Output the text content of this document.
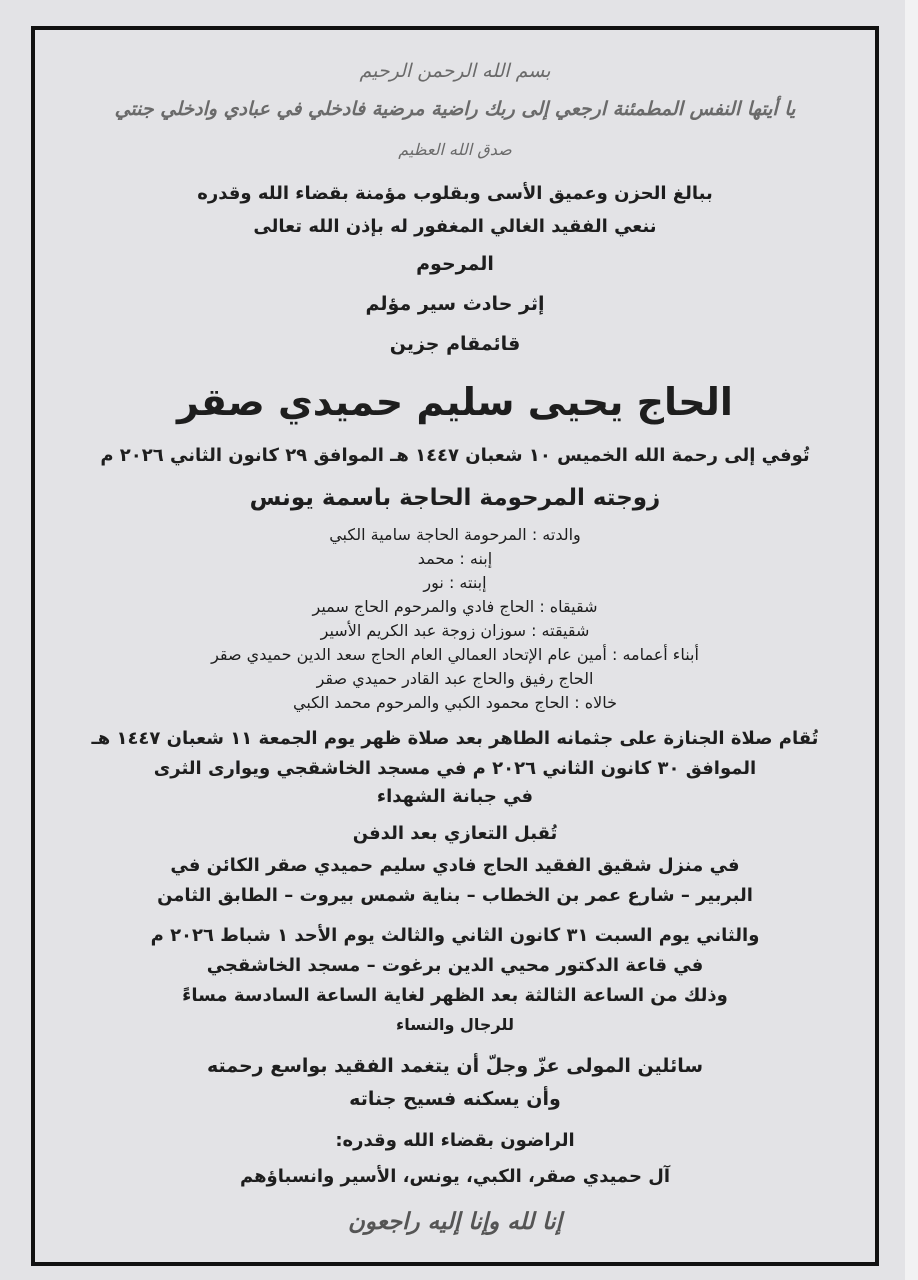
بسم الله الرحمن الرحيم
يا أيتها النفس المطمئنة ارجعي إلى ربك راضية مرضية فادخلي في عبادي وادخلي جنتي
صدق الله العظيم
ببالغ الحزن وعميق الأسى وبقلوب مؤمنة بقضاء الله وقدره
ننعي الفقيد الغالي المغفور له بإذن الله تعالى
المرحوم
إثر حادث سير مؤلم
قائمقام جزين
الحاج يحيى سليم حميدي صقر
تُوفي إلى رحمة الله الخميس ١٠ شعبان ١٤٤٧ هـ الموافق ٢٩ كانون الثاني ٢٠٢٦ م
زوجته المرحومة الحاجة باسمة يونس
والدته : المرحومة الحاجة سامية الكبي
إبنه : محمد
إبنته : نور
شقيقاه : الحاج فادي والمرحوم الحاج سمير
شقيقته : سوزان زوجة عبد الكريم الأسير
أبناء أعمامه : أمين عام الإتحاد العمالي العام الحاج سعد الدين حميدي صقر
الحاج رفيق والحاج عبد القادر حميدي صقر
خالاه : الحاج محمود الكبي والمرحوم محمد الكبي
تُقام صلاة الجنازة على جثمانه الطاهر بعد صلاة ظهر يوم الجمعة ١١ شعبان ١٤٤٧ هـ
الموافق ٣٠ كانون الثاني ٢٠٢٦ م في مسجد الخاشقجي ويوارى الثرى
في جبانة الشهداء
تُقبل التعازي بعد الدفن
في منزل شقيق الفقيد الحاج فادي سليم حميدي صقر الكائن في
البربير – شارع عمر بن الخطاب – بناية شمس بيروت – الطابق الثامن
والثاني يوم السبت ٣١ كانون الثاني والثالث يوم الأحد ١ شباط ٢٠٢٦ م
في قاعة الدكتور محيي الدين برغوت – مسجد الخاشقجي
وذلك من الساعة الثالثة بعد الظهر لغاية الساعة السادسة مساءً
للرجال والنساء
سائلين المولى عزّ وجلّ أن يتغمد الفقيد بواسع رحمته
وأن يسكنه فسيح جناته
الراضون بقضاء الله وقدره:
آل حميدي صقر، الكبي، يونس، الأسير وانسباؤهم
إنا لله وإنا إليه راجعون
